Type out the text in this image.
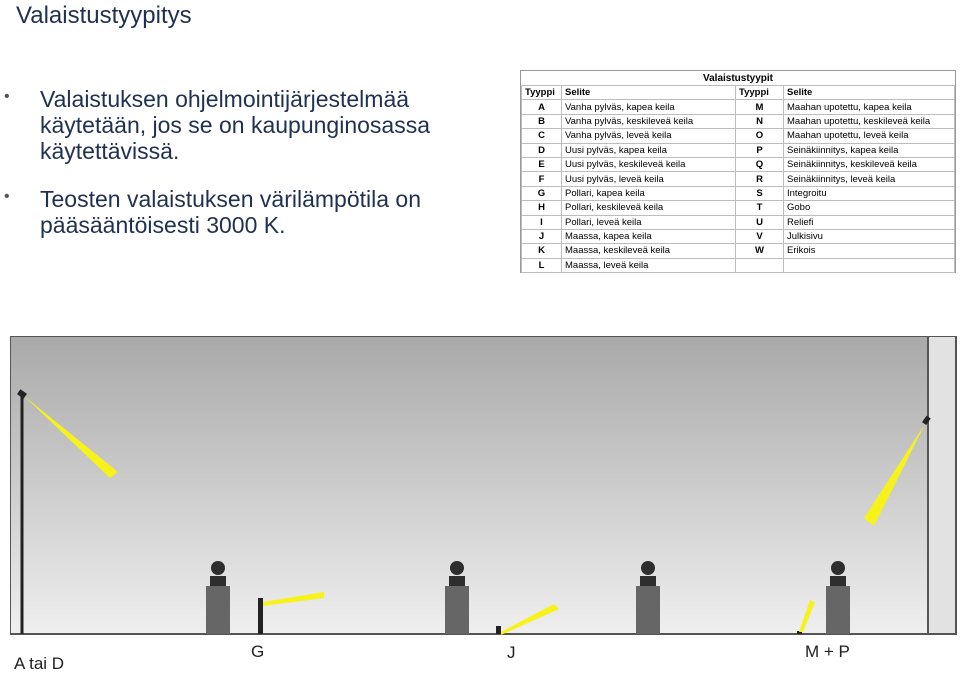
Valaistustyypitys
• Valaistuksen ohjelmointijärjestelmää
käytetään, jos se on kaupunginosassa
käytettävissä.
• Teosten valaistuksen värilämpötila on
pääsääntöisesti 3000 K.
Valaistustyypit			
Tyyppi	Selite	Tyyppi	Selite
A	Vanha pylväs, kapea keila	M	Maahan upotettu, kapea keila
B	Vanha pylväs, keskileveä keila	N	Maahan upotettu, keskileveä keila
C	Vanha pylväs, leveä keila	O	Maahan upotettu, leveä keila
D	Uusi pylväs, kapea keila	P	Seinäkiinnitys, kapea keila
E	Uusi pylväs, keskileveä keila	Q	Seinäkiinnitys, keskileveä keila
F	Uusi pylväs, leveä keila	R	Seinäkiinnitys, leveä keila
G	Pollari, kapea keila	S	Integroitu
H	Pollari, keskileveä keila	T	Gobo
I	Pollari, leveä keila	U	Reliefi
J	Maassa, kapea keila	V	Julkisivu
K	Maassa, keskileveä keila	W	Erikois
L	Maassa, leveä keila		
A tai D
G	J	M + P
